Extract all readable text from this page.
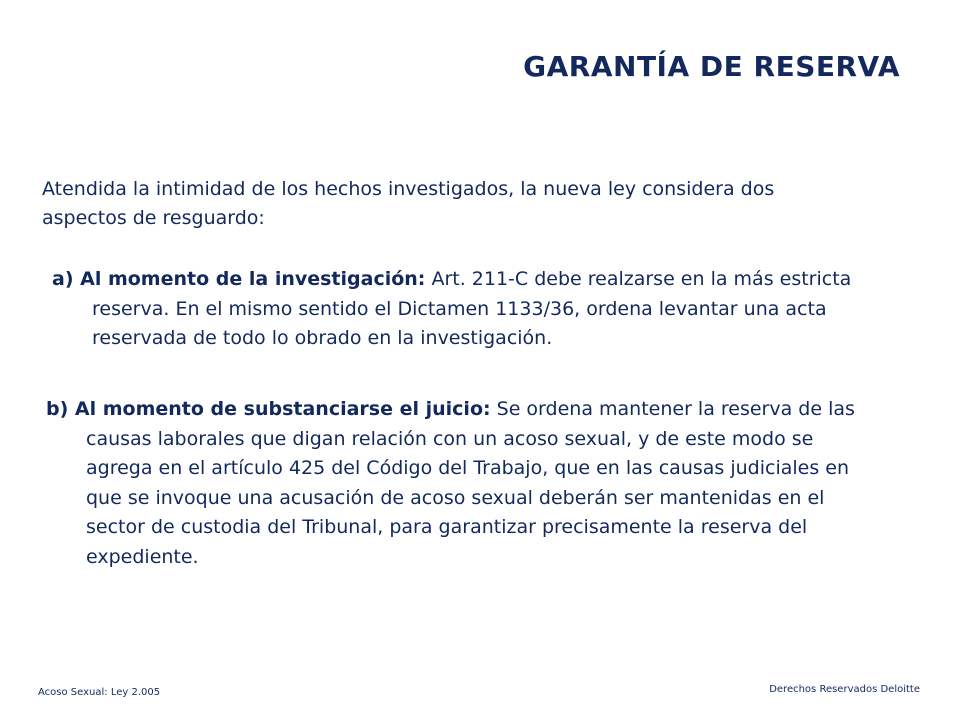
GARANTÍA DE RESERVA
Atendida la intimidad de los hechos investigados, la nueva ley considera dos aspectos de resguardo:
a) Al momento de la investigación: Art. 211-C debe realzarse en la más estricta reserva. En el mismo sentido el Dictamen 1133/36, ordena levantar una acta reservada de todo lo obrado en la investigación.
b) Al momento de substanciarse el juicio: Se ordena mantener la reserva de las causas laborales que digan relación con un acoso sexual, y de este modo se agrega en el artículo 425 del Código del Trabajo, que en las causas judiciales en que se invoque una acusación de acoso sexual deberán ser mantenidas en el sector de custodia del Tribunal, para garantizar precisamente la reserva del expediente.
Acoso Sexual: Ley 2.005	Derechos Reservados Deloitte
